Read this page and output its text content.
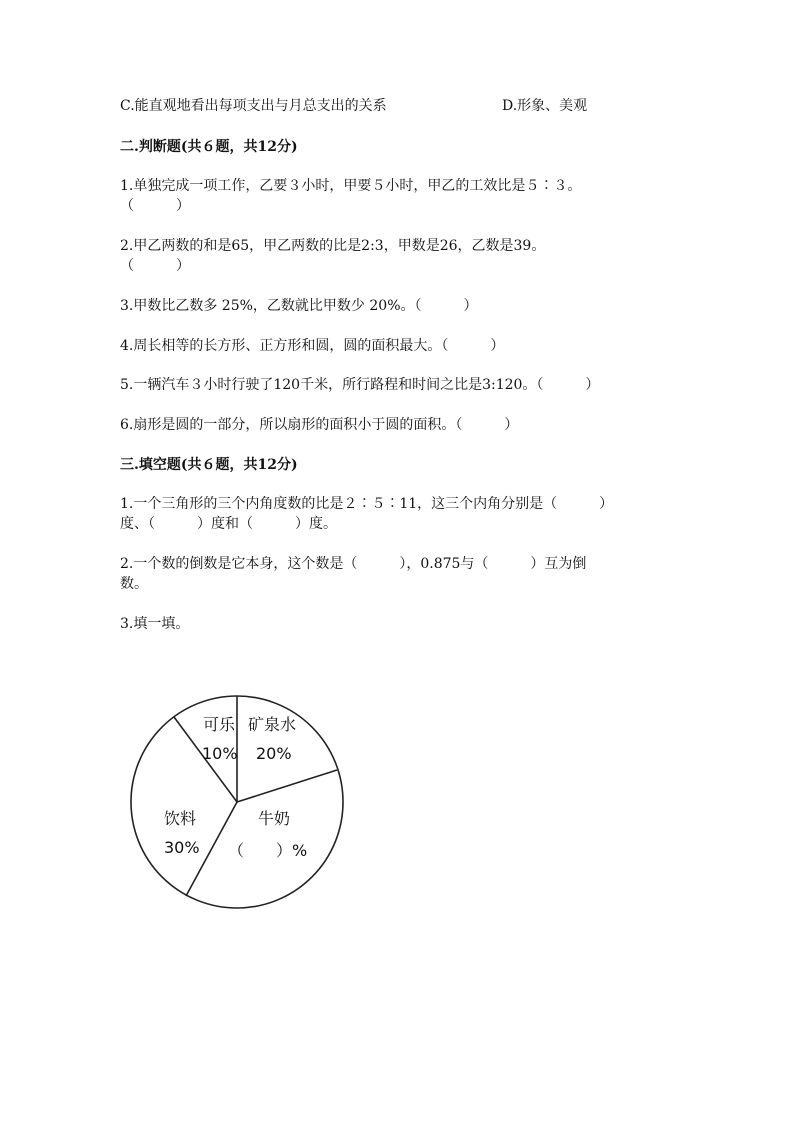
C.能直观地看出每项支出与月总支出的关系	D.形象、美观
二.判断题(共６题，共12分)
1.单独完成一项工作，乙要３小时，甲要５小时，甲乙的工效比是５∶３。
（　　　）
2.甲乙两数的和是65，甲乙两数的比是2:3，甲数是26，乙数是39。
（　　　）
3.甲数比乙数多 25%，乙数就比甲数少 20%。（　　　）
4.周长相等的长方形、正方形和圆，圆的面积最大。（　　　）
5.一辆汽车３小时行驶了120千米，所行路程和时间之比是3:120。（　　　）
6.扇形是圆的一部分，所以扇形的面积小于圆的面积。（　　　）
三.填空题(共６题，共12分)
1.一个三角形的三个内角度数的比是２∶５∶11，这三个内角分别是（　　　）
度、（　　　）度和（　　　）度。
2.一个数的倒数是它本身，这个数是（　　　），0.875与（　　　）互为倒
数。
3.填一填。
可乐
10%
矿泉水
20%
饮料
30%
牛奶
（　　）%
